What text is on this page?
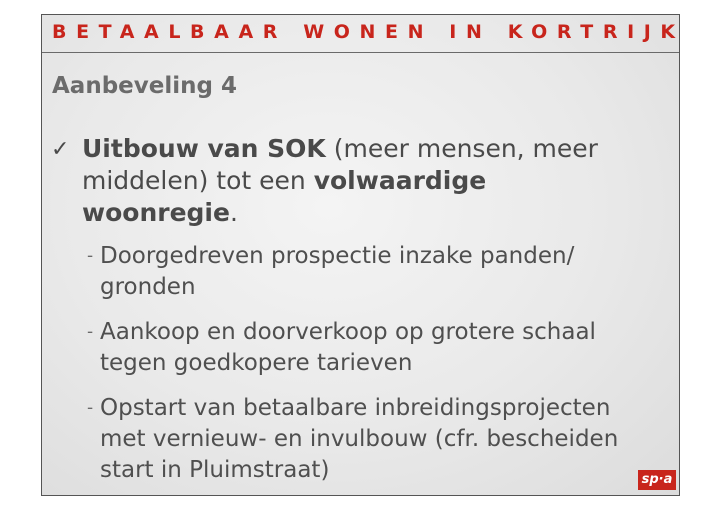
BETAALBAAR WONEN IN KORTRIJK
Aanbeveling 4
✓ Uitbouw van SOK (meer mensen, meer middelen) tot een volwaardige woonregie.
- Doorgedreven prospectie inzake panden/ gronden
- Aankoop en doorverkoop op grotere schaal tegen goedkopere tarieven
- Opstart van betaalbare inbreidingsprojecten met vernieuw- en invulbouw (cfr. bescheiden start in Pluimstraat)	sp·a
